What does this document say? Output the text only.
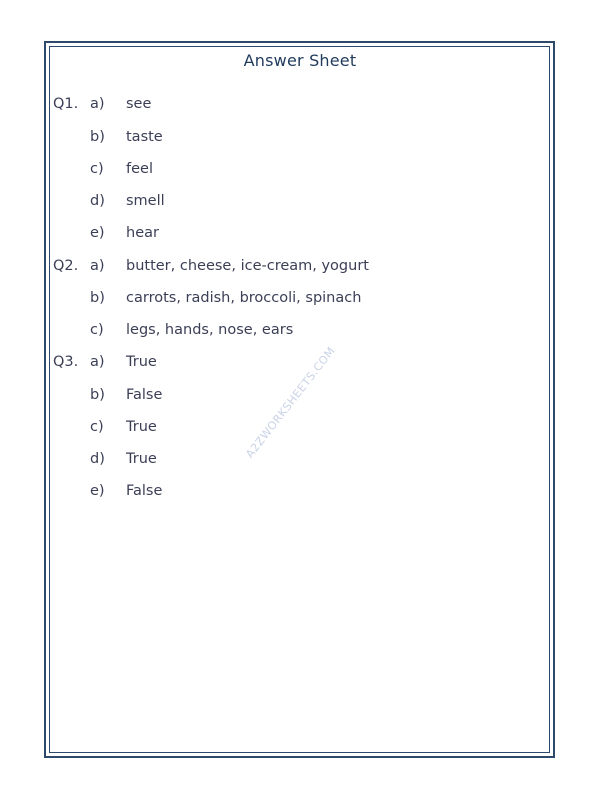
Answer Sheet
A2ZWORKSHEETS.COM
Q1. a)	see
b)	taste
c)	feel
d)	smell
e)	hear
Q2. a)	butter, cheese, ice-cream, yogurt
b)	carrots, radish, broccoli, spinach
c)	legs, hands, nose, ears
Q3. a)	True
b)	False
c)	True
d)	True
e)	False
